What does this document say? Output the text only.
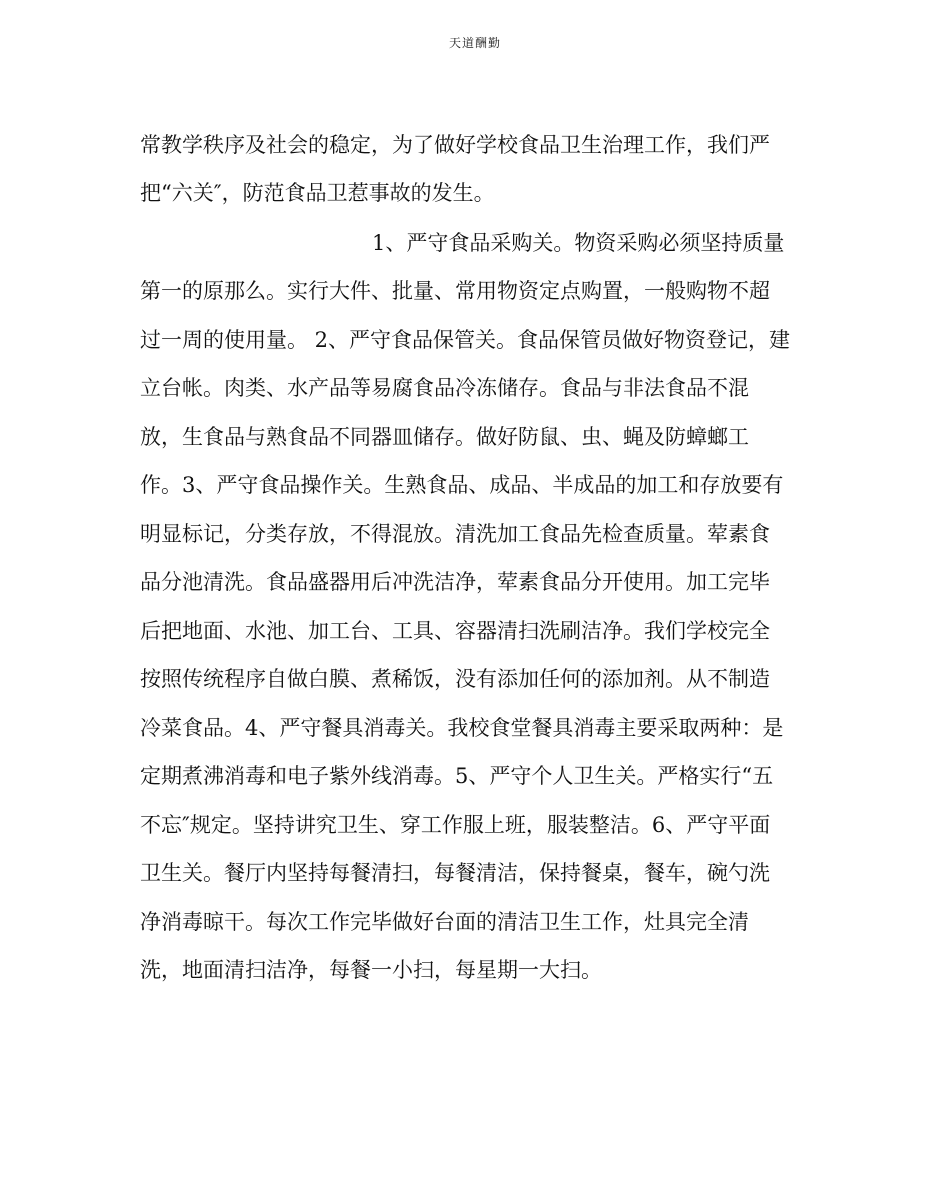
天道酬勤
常教学秩序及社会的稳定，为了做好学校食品卫生治理工作，我们严
把“六关″，防范食品卫惹事故的发生。
1、严守食品采购关。物资采购必须坚持质量
第一的原那么。实行大件、批量、常用物资定点购置，一般购物不超
过一周的使用量。 2、严守食品保管关。食品保管员做好物资登记，建
立台帐。肉类、水产品等易腐食品冷冻储存。食品与非法食品不混
放，生食品与熟食品不同器皿储存。做好防鼠、虫、蝇及防蟑螂工
作。3、严守食品操作关。生熟食品、成品、半成品的加工和存放要有
明显标记，分类存放，不得混放。清洗加工食品先检查质量。荤素食
品分池清洗。食品盛器用后冲洗洁净，荤素食品分开使用。加工完毕
后把地面、水池、加工台、工具、容器清扫洗刷洁净。我们学校完全
按照传统程序自做白膜、煮稀饭，没有添加任何的添加剂。从不制造
冷菜食品。4、严守餐具消毒关。我校食堂餐具消毒主要采取两种：是
定期煮沸消毒和电子紫外线消毒。5、严守个人卫生关。严格实行“五
不忘″规定。坚持讲究卫生、穿工作服上班，服装整洁。6、严守平面
卫生关。餐厅内坚持每餐清扫，每餐清洁，保持餐桌，餐车，碗勺洗
净消毒晾干。每次工作完毕做好台面的清洁卫生工作，灶具完全清
洗，地面清扫洁净，每餐一小扫，每星期一大扫。
